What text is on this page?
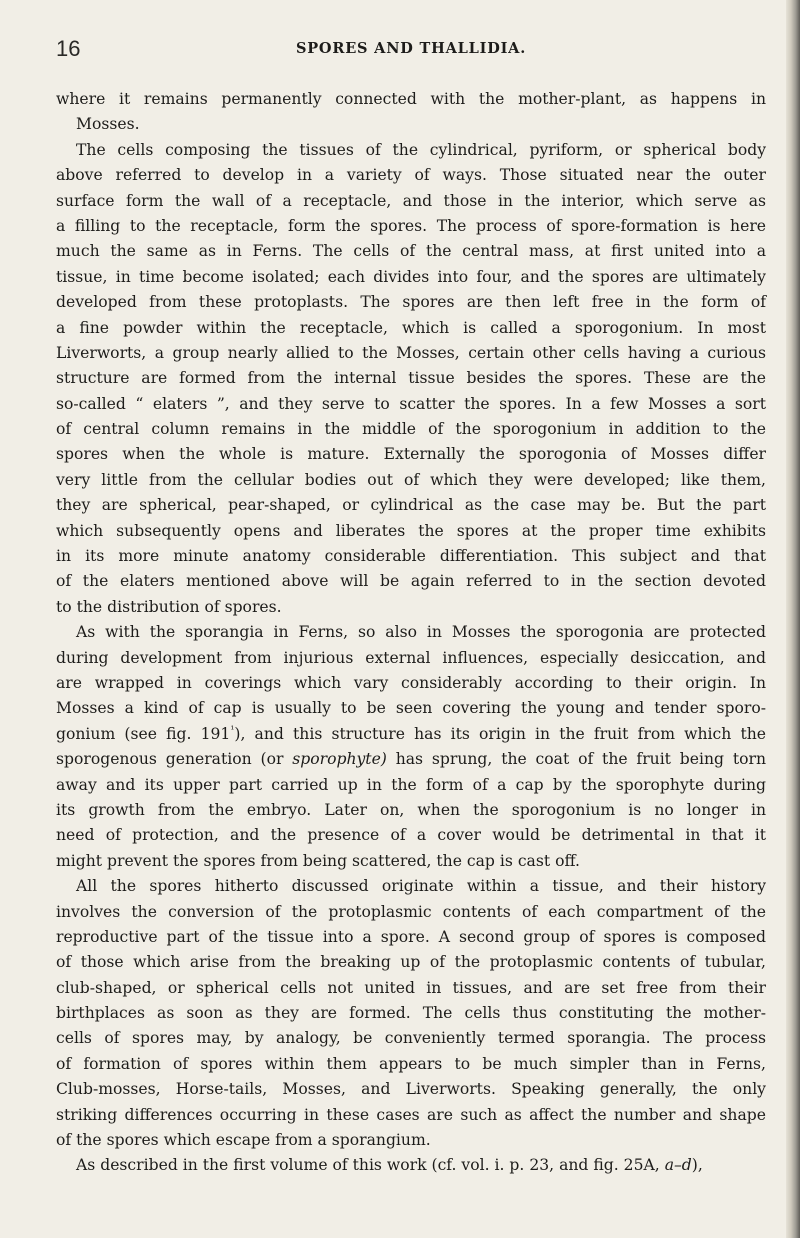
16	SPORES AND THALLIDIA.
where it remains permanently connected with the mother-plant, as happens in
Mosses.
The cells composing the tissues of the cylindrical, pyriform, or spherical body
above referred to develop in a variety of ways. Those situated near the outer
surface form the wall of a receptacle, and those in the interior, which serve as
a filling to the receptacle, form the spores. The process of spore-formation is here
much the same as in Ferns. The cells of the central mass, at first united into a
tissue, in time become isolated; each divides into four, and the spores are ultimately
developed from these protoplasts. The spores are then left free in the form of
a fine powder within the receptacle, which is called a sporogonium. In most
Liverworts, a group nearly allied to the Mosses, certain other cells having a curious
structure are formed from the internal tissue besides the spores. These are the
so-called “ elaters ”, and they serve to scatter the spores. In a few Mosses a sort
of central column remains in the middle of the sporogonium in addition to the
spores when the whole is mature. Externally the sporogonia of Mosses differ
very little from the cellular bodies out of which they were developed; like them,
they are spherical, pear-shaped, or cylindrical as the case may be. But the part
which subsequently opens and liberates the spores at the proper time exhibits
in its more minute anatomy considerable differentiation. This subject and that
of the elaters mentioned above will be again referred to in the section devoted
to the distribution of spores.
As with the sporangia in Ferns, so also in Mosses the sporogonia are protected
during development from injurious external influences, especially desiccation, and
are wrapped in coverings which vary considerably according to their origin. In
Mosses a kind of cap is usually to be seen covering the young and tender sporo-
gonium (see fig. $191^{^1}$), and this structure has its origin in the fruit from which the
sporogenous generation (or sporophyte) has sprung, the coat of the fruit being torn
away and its upper part carried up in the form of a cap by the sporophyte during
its growth from the embryo. Later on, when the sporogonium is no longer in
need of protection, and the presence of a cover would be detrimental in that it
might prevent the spores from being scattered, the cap is cast off.
All the spores hitherto discussed originate within a tissue, and their history
involves the conversion of the protoplasmic contents of each compartment of the
reproductive part of the tissue into a spore. A second group of spores is composed
of those which arise from the breaking up of the protoplasmic contents of tubular,
club-shaped, or spherical cells not united in tissues, and are set free from their
birthplaces as soon as they are formed. The cells thus constituting the mother-
cells of spores may, by analogy, be conveniently termed sporangia. The process
of formation of spores within them appears to be much simpler than in Ferns,
Club-mosses, Horse-tails, Mosses, and Liverworts. Speaking generally, the only
striking differences occurring in these cases are such as affect the number and shape
of the spores which escape from a sporangium.
As described in the first volume of this work (cf. vol. i. p. 23, and fig. 25A, a–d),
